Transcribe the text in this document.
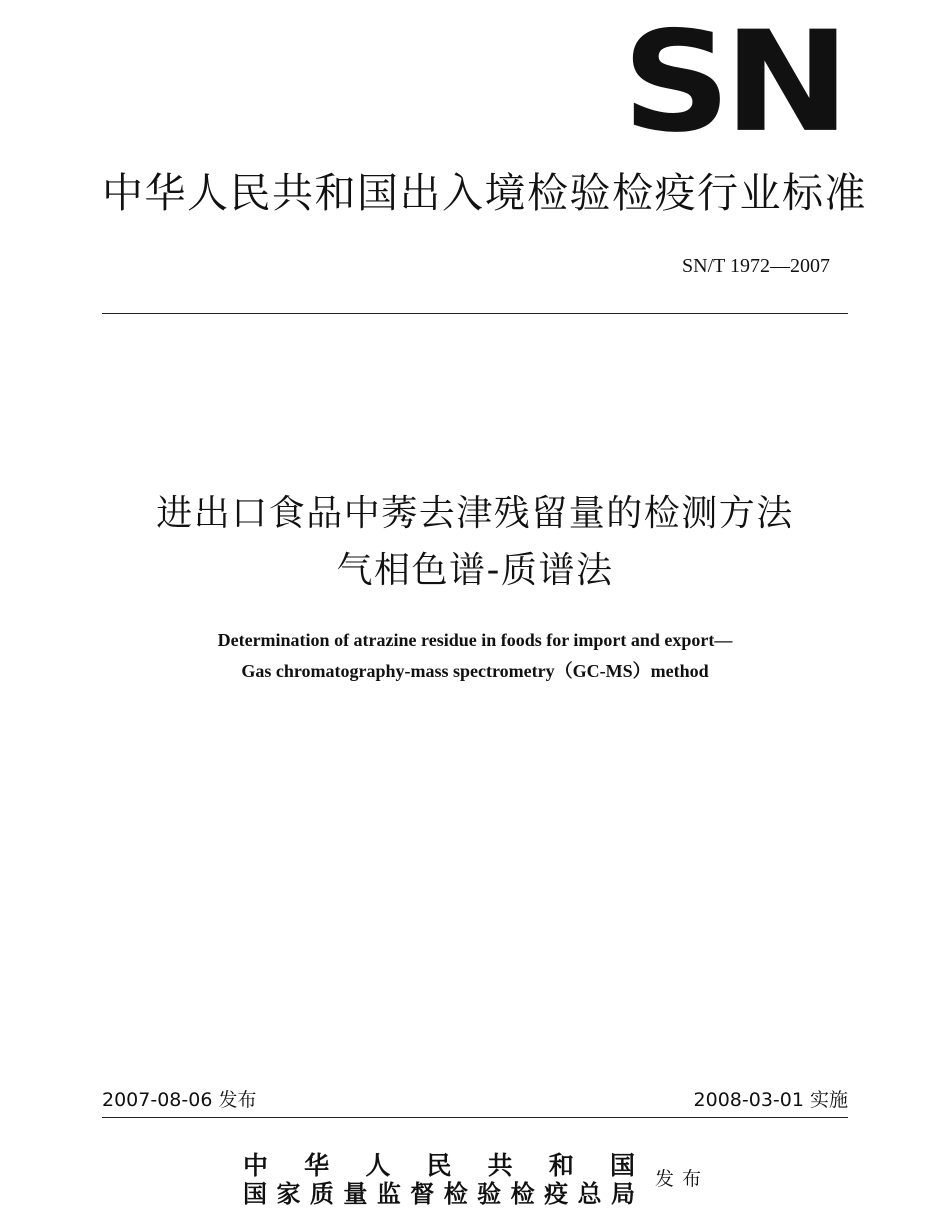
SN
中华人民共和国出入境检验检疫行业标准
SN/T 1972—2007
进出口食品中莠去津残留量的检测方法
气相色谱-质谱法
Determination of atrazine residue in foods for import and export—
Gas chromatography-mass spectrometry（GC-MS）method
2007-08-06 发布	2008-03-01 实施
中华人民共和国
国家质量监督检验检疫总局 发布
